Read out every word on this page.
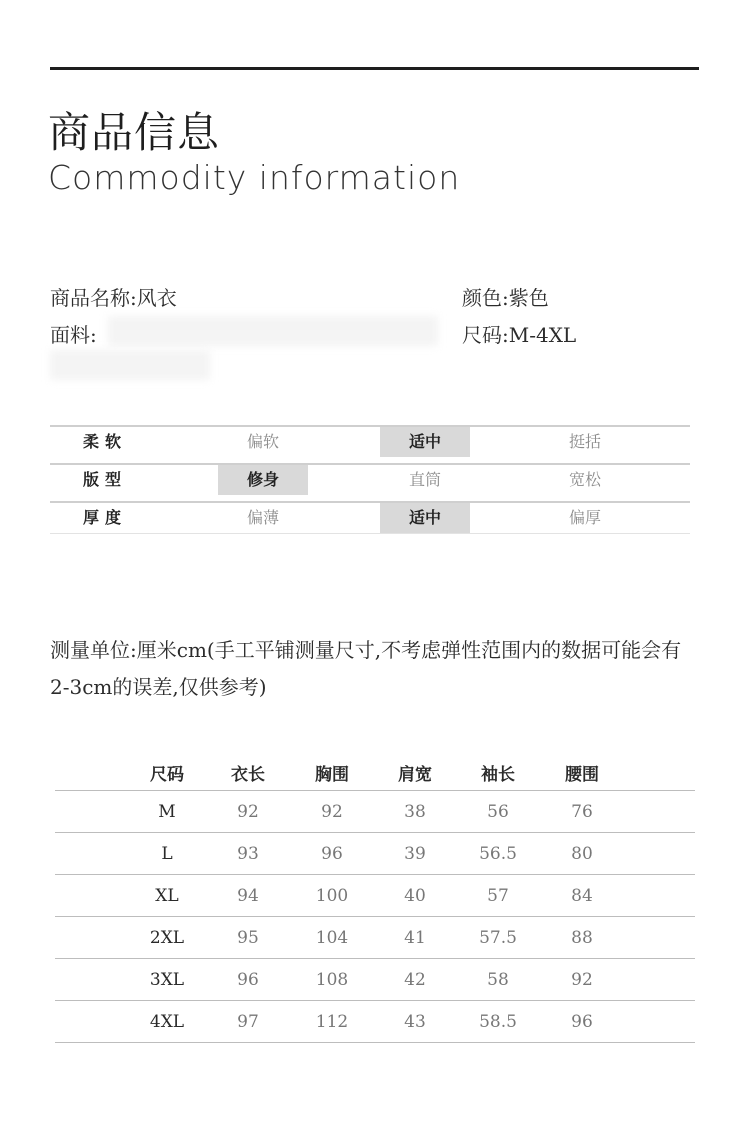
商品信息
Commodity information
商品名称:风衣	颜色:紫色
面料:	尺码:M-4XL
柔软	偏软	适中	挺括
版型	修身	直筒	宽松
厚度	偏薄	适中	偏厚
测量单位:厘米cm(手工平铺测量尺寸,不考虑弹性范围内的数据可能会有2-3cm的误差,仅供参考)
尺码	衣长	胸围	肩宽	袖长	腰围
M	92	92	38	56	76
L	93	96	39	56.5	80
XL	94	100	40	57	84
2XL	95	104	41	57.5	88
3XL	96	108	42	58	92
4XL	97	112	43	58.5	96
